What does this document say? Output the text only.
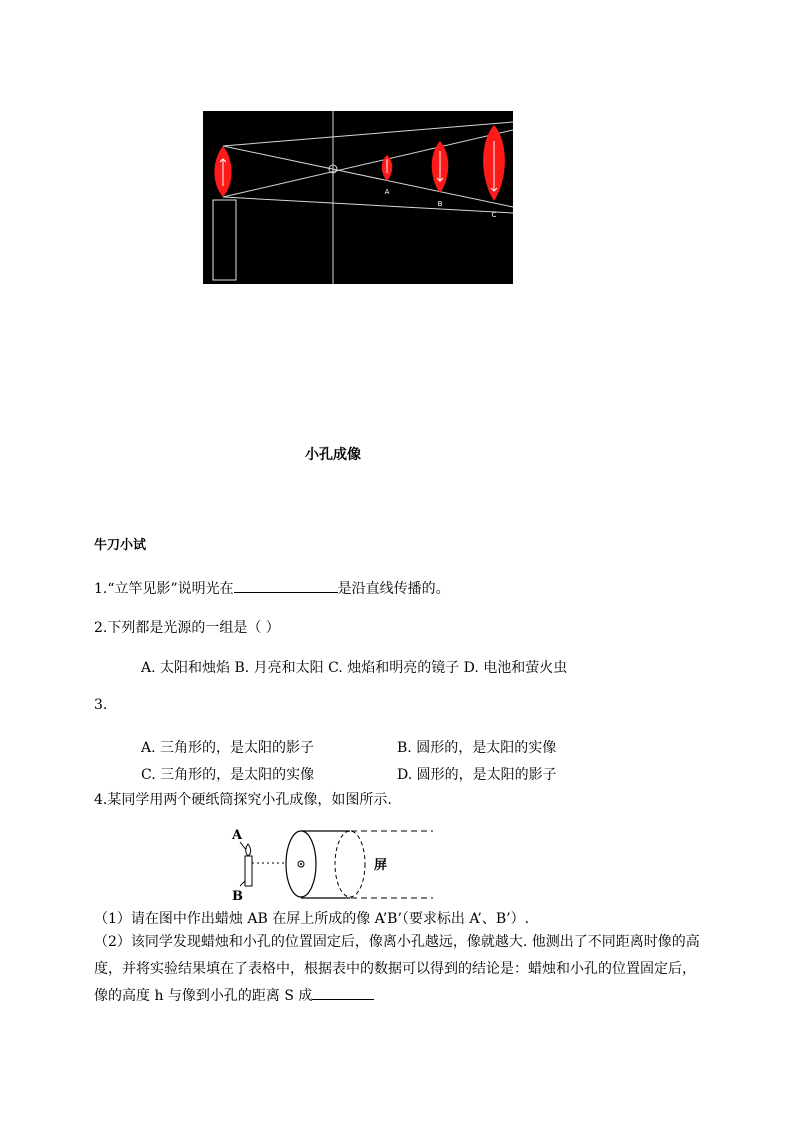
A
B
C
小孔成像
牛刀小试
1.“立竿见影”说明光在	是沿直线传播的。
2.下列都是光源的一组是（ ）
A. 太阳和烛焰 B. 月亮和太阳 C. 烛焰和明亮的镜子 D. 电池和萤火虫
3.
A. 三角形的，是太阳的影子	B. 圆形的，是太阳的实像
C. 三角形的，是太阳的实像	D. 圆形的，是太阳的影子
4.某同学用两个硬纸筒探究小孔成像，如图所示.
A
B
屏
（1）请在图中作出蜡烛 AB 在屏上所成的像 A’B’（要求标出 A’、B’）.
（2）该同学发现蜡烛和小孔的位置固定后，像离小孔越远，像就越大. 他测出了不同距离时像的高度，并将实验结果填在了表格中，根据表中的数据可以得到的结论是：蜡烛和小孔的位置固定后，像的高度 h 与像到小孔的距离 S 成
